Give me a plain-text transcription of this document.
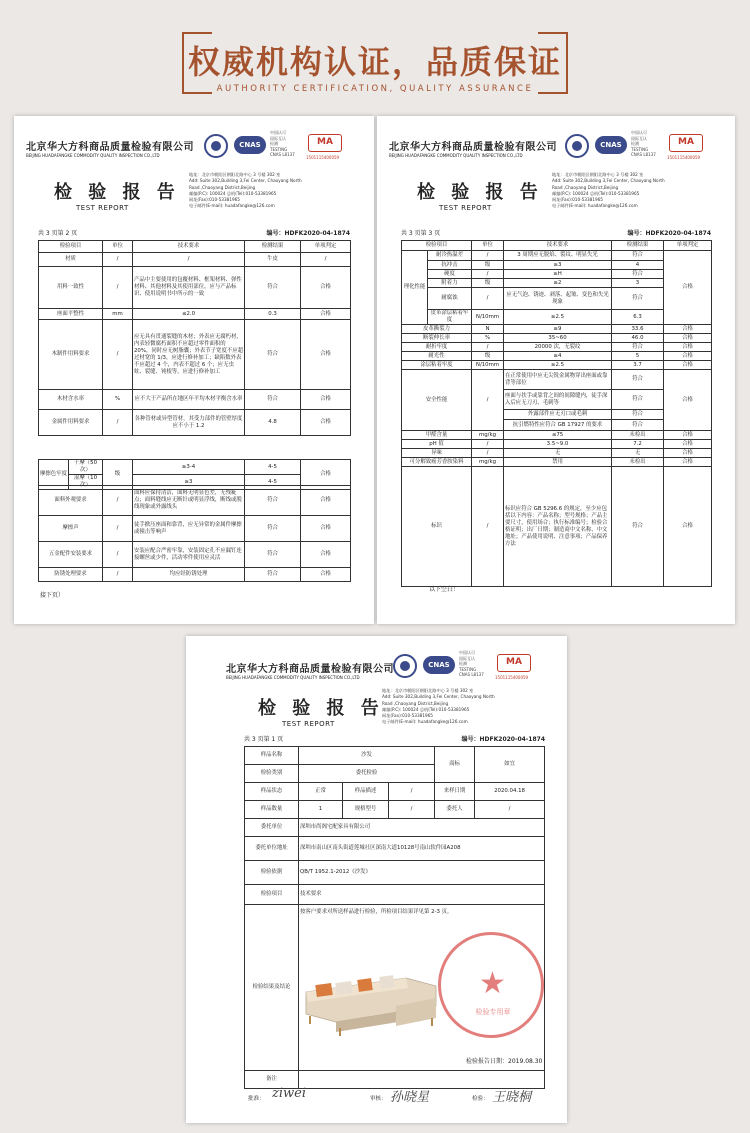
权威机构认证，品质保证
AUTHORITY CERTIFICATION, QUALITY ASSURANCE
北京华大方科商品质量检验有限公司
BEIJING HUADAFANGKE COMMODITY QUALITY INSPECTION CO.,LTD
CNAS
中国认可
国际互认
检测
TESTING
CNAS L8137
MA
1501115400059
检 验 报 告
TEST REPORT
地址：北京市朝阳区朝阳北路中心 3 号楼 302 室
Add: Suite 302,Building 3,Fei Center, Chaoyang North
Road ,Chaoyang District,Beijing
邮编(P.C): 100024 总机(Tel):010-53381965
网址(Fax):010-53381965
电子邮件(E-mail): huadafangke@126.com
共 3 页第 2 页	编号：HDFK2020-04-1874
检验项目	单位	技术要求	检测结果	单项判定
材质	/	/	牛皮	/
用料一致性	/	产品中主要使用的包覆材料、框架材料、弹性材料、其他材料及其使用部位，应与产品标识、使用说明书中所示的一致	符合	合格
座面平整性	mm	≤2.0	0.3	合格
木制件用料要求	/	应无具有贯通裂缝的木材；外表应无腐朽材，内表轻微腐朽面积不应超过零件面积的 20%，同时应无树脂囊；外表节子宽度不应超过材宽的 1/3，应进行修补加工；缺陷数外表不应超过 4 个，内表不超过 6 个；应无虫蛀、裂缝、钝棱等，应进行修补加工	符合	合格
木材含水率	%	应不大于产品所在地区年平均木材平衡含水率	符合	合格
金属件用料要求	/	各种管材或异型管材，其受力部件的管壁厚度应不小于 1.2	4.8	合格
摩擦色牢度	干摩（50 次）	级	≥3-4	4-5	合格
	湿摩（10 次）		≥3	4-5	
面料外观要求	/	面料应保持清洁，面料无明显色差，无残疵点；面料缝线应无断针或明显浮线，断线或脱线现象或外露线头	符合	合格
摩擦声	/	徒手掀压座面和靠背，应无异常的金属件摩擦或撞击等响声	符合	合格
五金配件安装要求	/	安装应配合严密牢靠，安装固定孔不应漏钉连接螺丝或少件，活动零件使用应灵活	符合	合格
防锈处理要求	/	均应经防锈处理	符合	合格
接下页）
北京华大方科商品质量检验有限公司
BEIJING HUADAFANGKE COMMODITY QUALITY INSPECTION CO.,LTD
CNAS
中国认可
国际互认
检测
TESTING
CNAS L8137
MA
1501115400059
检 验 报 告
TEST REPORT
地址：北京市朝阳区朝阳北路中心 3 号楼 302 室
Add: Suite 302,Building 3,Fei Center, Chaoyang North
Road ,Chaoyang District,Beijing
邮编(P.C): 100024 总机(Tel):010-53381965
网址(Fax):010-53381965
电子邮件(E-mail): huadafangke@126.com
共 3 页第 3 页	编号：HDFK2020-04-1874
检验项目		单位	技术要求	检测结果	单项判定
理化性能	耐冷热温差	/	3 周期应无脱焰、裂纹、明显失光	符合	合格
	抗冲击	级	≥3	4	
	硬度	/	≥H	符合	
	附着力	级	≥2	3	
	耐腐蚀	/	应无气泡、锈迹、剥落、起皱、变色和失光现象	符合	
	皮革涂层粘着牢度	N/10mm	≥2.5	6.3	
皮革撕裂力		N	≥9	33.6	合格
断裂伸长率		%	35~60	46.0	合格
耐折牢度		/	20000 次，无裂纹	符合	合格
耐光性		级	≥4	5	合格
涂层粘着牢度		N/10mm	≥2.5	3.7	合格
安全性能		/	在正常使用中应无尖锐金属物穿出座面或靠背等部位	符合	合格
			座面与扶手或靠背之间的间隙缝内，徒手深入后应无刀刃、毛刺等	符合	
			外露部件应无刃口或毛刺	符合	
			抗引燃特性应符合 GB 17927 的要求	符合	
甲醛含量		mg/kg	≤75	未检出	合格
pH 值		/	3.5~9.0	7.2	合格
异味		/	无	无	合格
可分解致癌芳香胺染料		mg/kg	禁用	未检出	合格
标识		/	标识应符合 GB 5296.6 的规定，至少应包括以下内容：产品名称；型号规格；产品主要尺寸，使用场合；执行标准编号；检验合格证明；出厂日期；制造商中文名称、中文地址；产品使用说明、注意事项；产品保养方法	符合	合格
以下空白！
北京华大方科商品质量检验有限公司
BEIJING HUADAFANGKE COMMODITY QUALITY INSPECTION CO.,LTD
CNAS
中国认可
国际互认
检测
TESTING
CNAS L8137
MA
1501115400059
检 验 报 告
TEST REPORT
地址：北京市朝阳区朝阳北路中心 3 号楼 302 室
Add: Suite 302,Building 3,Fei Center, Chaoyang North
Road ,Chaoyang District,Beijing
邮编(P.C): 100024 总机(Tel):010-53381965
网址(Fax):010-53381965
电子邮件(E-mail): huadafangke@126.com
共 3 页第 1 页	编号：HDFK2020-04-1874
样品名称	沙发			商标	如宜
检验类别	委托检验				
样品状态	正常	样品描述	/	来样日期	2020.04.18
样品数量	1	规格型号	/	委托人	/
委托单位	深圳市尚阁宅配家具有限公司				
委托单位地址	深圳市南山区南头街道莲城社区深南大道10128号南山软件园A208				
检验依据	QB/T 1952.1-2012《沙发》				
检验项目	技术要求				
检验结果及结论	按客户要求对所送样品进行检验，所检项目结果详见第 2-3 页。				
备注					
★
检验专用章
检验报告日期：2019.08.30
批准： ziwei	审核： 孙晓星	检验： 王晓桐
